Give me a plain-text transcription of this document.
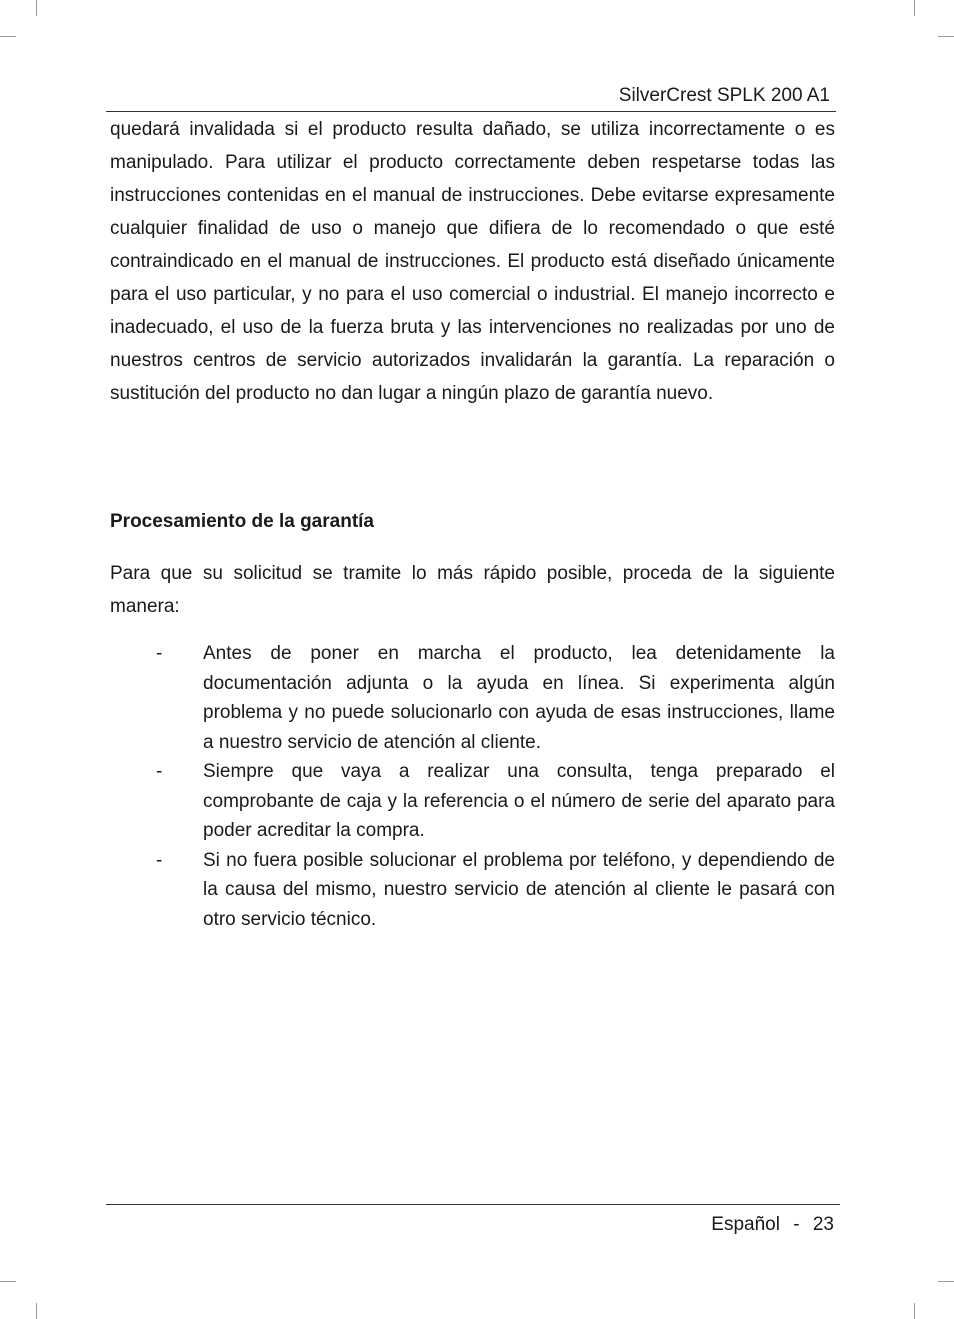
SilverCrest SPLK 200 A1

quedará invalidada si el producto resulta dañado, se utiliza incorrectamente o es manipulado. Para utilizar el producto correctamente deben respetarse todas las instrucciones contenidas en el manual de instrucciones. Debe evitarse expresamente cualquier finalidad de uso o manejo que difiera de lo recomendado o que esté contraindicado en el manual de instrucciones. El producto está diseñado únicamente para el uso particular, y no para el uso comercial o industrial. El manejo incorrecto e inadecuado, el uso de la fuerza bruta y las intervenciones no realizadas por uno de nuestros centros de servicio autorizados invalidarán la garantía. La reparación o sustitución del producto no dan lugar a ningún plazo de garantía nuevo.

Procesamiento de la garantía

Para que su solicitud se tramite lo más rápido posible, proceda de la siguiente manera:

- Antes de poner en marcha el producto, lea detenidamente la documentación adjunta o la ayuda en línea. Si experimenta algún problema y no puede solucionarlo con ayuda de esas instrucciones, llame a nuestro servicio de atención al cliente.
- Siempre que vaya a realizar una consulta, tenga preparado el comprobante de caja y la referencia o el número de serie del aparato para poder acreditar la compra.
- Si no fuera posible solucionar el problema por teléfono, y dependiendo de la causa del mismo, nuestro servicio de atención al cliente le pasará con otro servicio técnico.
Español - 23
